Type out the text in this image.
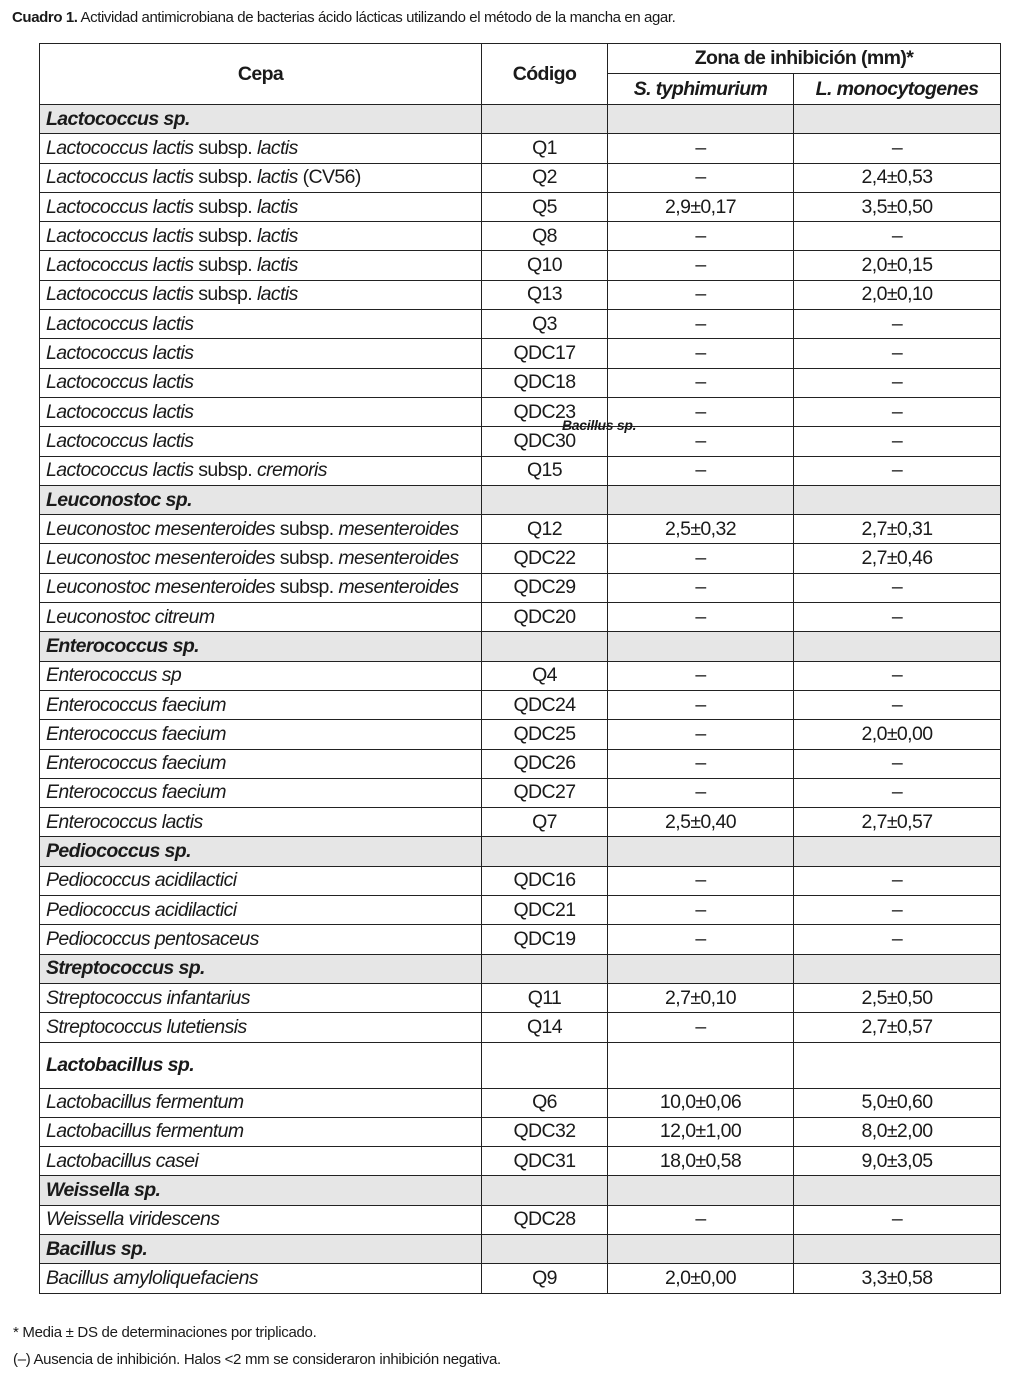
Cuadro 1. Actividad antimicrobiana de bacterias ácido lácticas utilizando el método de la mancha en agar.
Cepa	Código	Zona de inhibición (mm)*	
		S. typhimurium	L. monocytogenes
Lactococcus sp.			
Lactococcus lactis subsp. lactis	Q1	–	–
Lactococcus lactis subsp. lactis (CV56)	Q2	–	2,4±0,53
Lactococcus lactis subsp. lactis	Q5	2,9±0,17	3,5±0,50
Lactococcus lactis subsp. lactis	Q8	–	–
Lactococcus lactis subsp. lactis	Q10	–	2,0±0,15
Lactococcus lactis subsp. lactis	Q13	–	2,0±0,10
Lactococcus lactis	Q3	–	–
Lactococcus lactis	QDC17	–	–
Lactococcus lactis	QDC18	–	–
Lactococcus lactis	QDC23	–	–
Lactococcus lactis	QDC30	–	–
Lactococcus lactis subsp. cremoris	Q15	–	–
Leuconostoc sp.			
Leuconostoc mesenteroides subsp. mesenteroides	Q12	2,5±0,32	2,7±0,31
Leuconostoc mesenteroides subsp. mesenteroides	QDC22	–	2,7±0,46
Leuconostoc mesenteroides subsp. mesenteroides	QDC29	–	–
Leuconostoc citreum	QDC20	–	–
Enterococcus sp.			
Enterococcus sp	Q4	–	–
Enterococcus faecium	QDC24	–	–
Enterococcus faecium	QDC25	–	2,0±0,00
Enterococcus faecium	QDC26	–	–
Enterococcus faecium	QDC27	–	–
Enterococcus lactis	Q7	2,5±0,40	2,7±0,57
Pediococcus sp.			
Pediococcus acidilactici	QDC16	–	–
Pediococcus acidilactici	QDC21	–	–
Pediococcus pentosaceus	QDC19	–	–
Streptococcus sp.			
Streptococcus infantarius	Q11	2,7±0,10	2,5±0,50
Streptococcus lutetiensis	Q14	–	2,7±0,57
Lactobacillus sp.			
Lactobacillus fermentum	Q6	10,0±0,06	5,0±0,60
Lactobacillus fermentum	QDC32	12,0±1,00	8,0±2,00
Lactobacillus casei	QDC31	18,0±0,58	9,0±3,05
Weissella sp.			
Weissella viridescens	QDC28	–	–
Bacillus sp.			
Bacillus amyloliquefaciens	Q9	2,0±0,00	3,3±0,58
Bacillus sp.
* Media ± DS de determinaciones por triplicado.
(–) Ausencia de inhibición. Halos <2 mm se consideraron inhibición negativa.
